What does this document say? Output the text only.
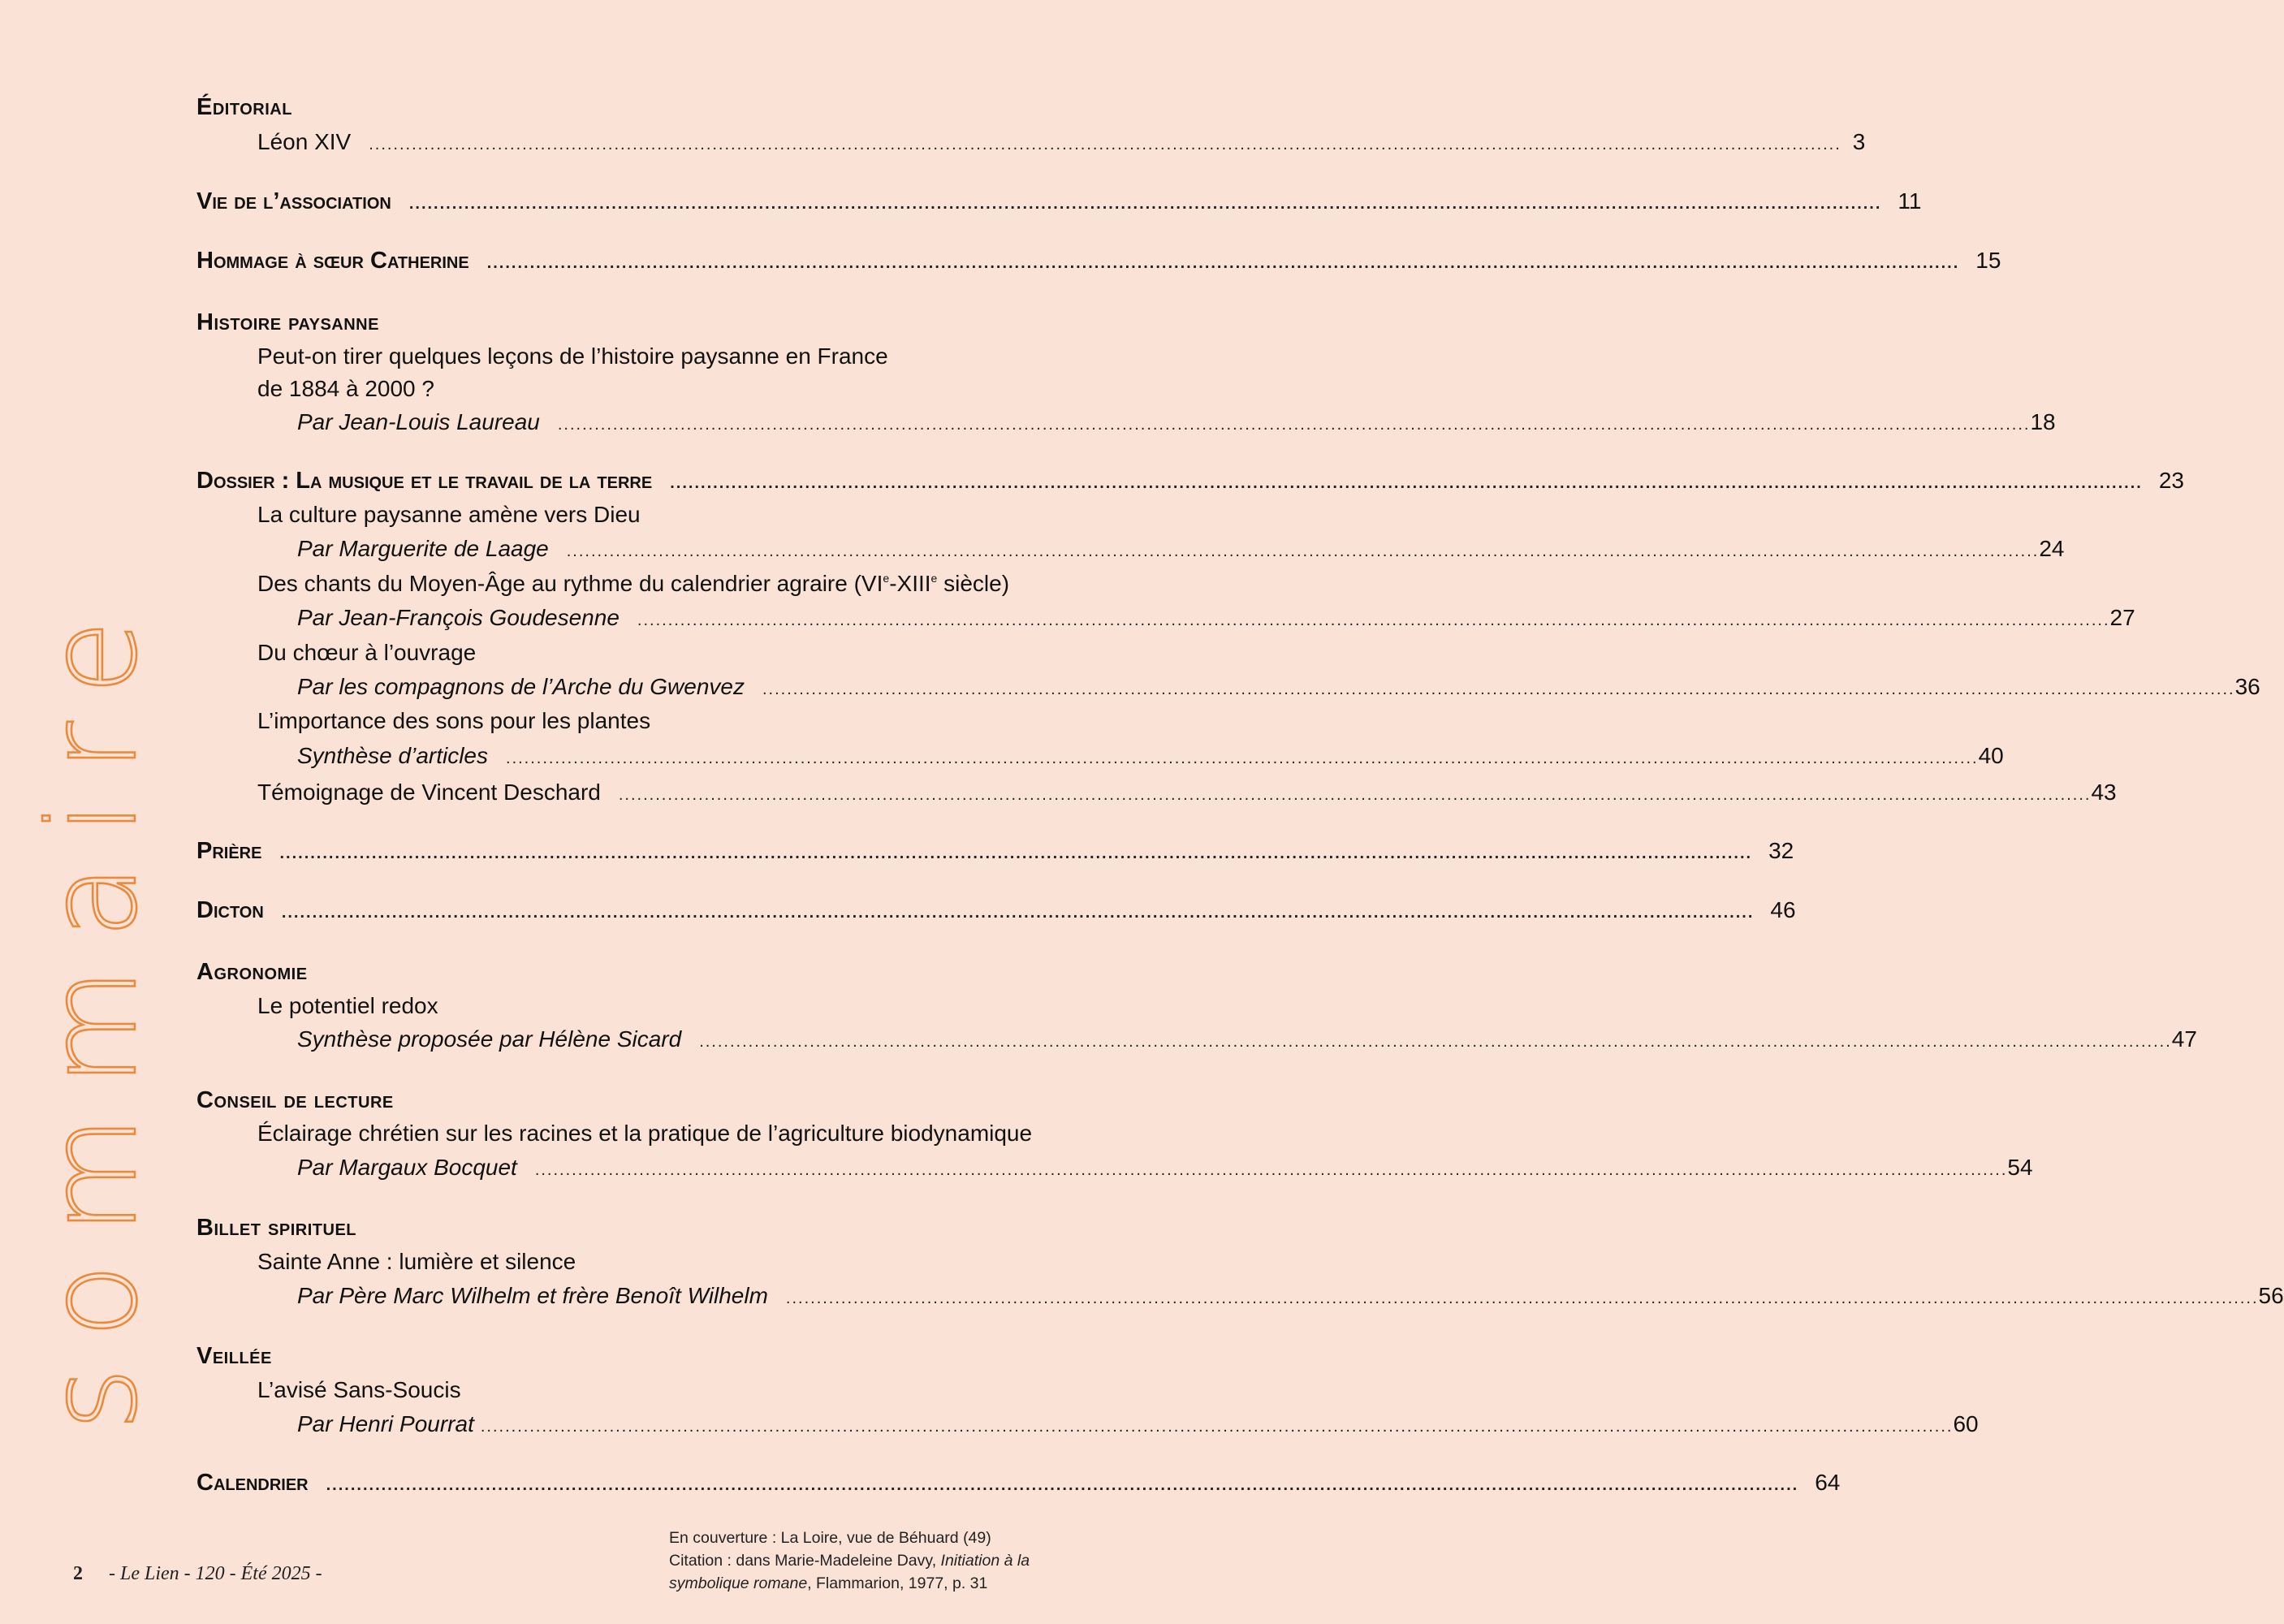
sommaire
Éditorial
Léon XIV .....	3
Vie de l’association .....	11
Hommage à sœur Catherine .....	15
Histoire paysanne
Peut-on tirer quelques leçons de l’histoire paysanne en France
de 1884 à 2000 ?
Par Jean-Louis Laureau .....	18
Dossier : La musique et le travail de la terre .....	23
La culture paysanne amène vers Dieu
Par Marguerite de Laage .....	24
Des chants du Moyen-Âge au rythme du calendrier agraire (VIe-XIIIe siècle)
Par Jean-François Goudesenne .....	27
Du chœur à l’ouvrage
Par les compagnons de l’Arche du Gwenvez .....	36
L’importance des sons pour les plantes
Synthèse d’articles .....	40
Témoignage de Vincent Deschard .....	43
Prière .....	32
Dicton .....	46
Agronomie
Le potentiel redox
Synthèse proposée par Hélène Sicard .....	47
Conseil de lecture
Éclairage chrétien sur les racines et la pratique de l’agriculture biodynamique
Par Margaux Bocquet .....	54
Billet spirituel
Sainte Anne : lumière et silence
Par Père Marc Wilhelm et frère Benoît Wilhelm .....	56
Veillée
L’avisé Sans-Soucis
Par Henri Pourrat .....	60
Calendrier .....	64
2 - Le Lien - 120 - Été 2025 -
En couverture : La Loire, vue de Béhuard (49)
Citation : dans Marie-Madeleine Davy, Initiation à la symbolique romane, Flammarion, 1977, p. 31
